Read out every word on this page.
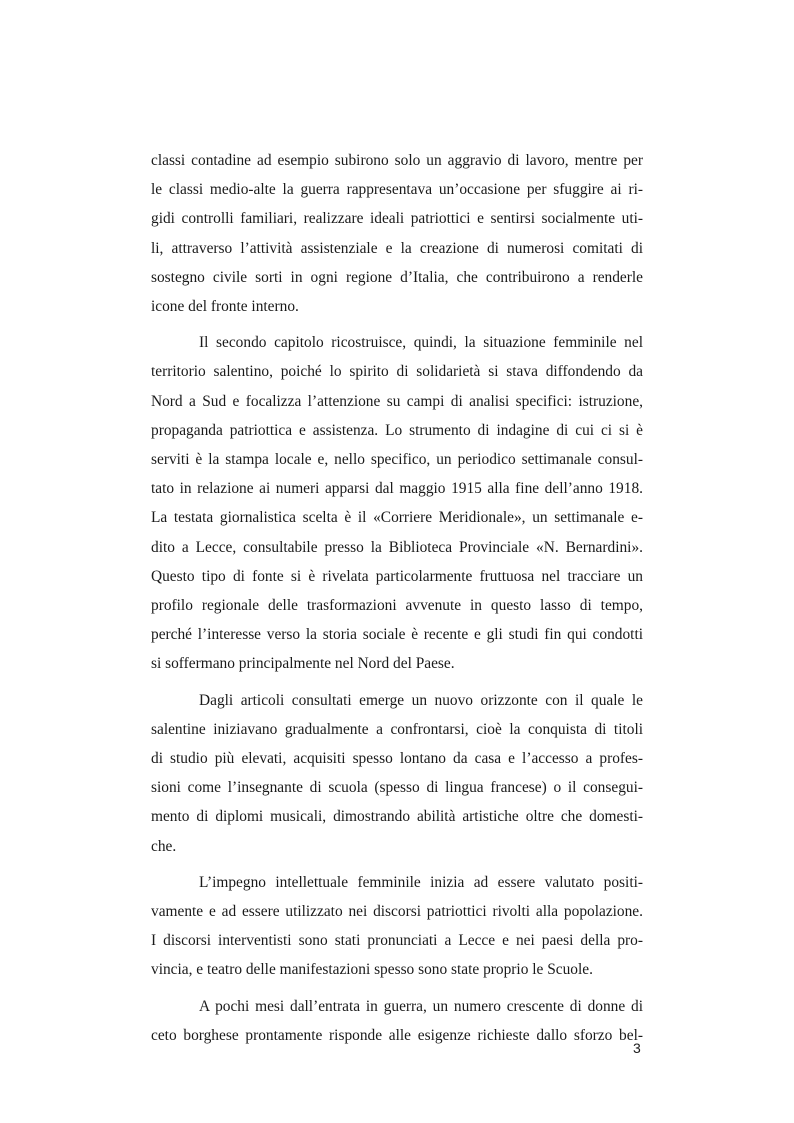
classi contadine ad esempio subirono solo un aggravio di lavoro, mentre per
le classi medio-alte la guerra rappresentava un’occasione per sfuggire ai ri-
gidi controlli familiari, realizzare ideali patriottici e sentirsi socialmente uti-
li, attraverso l’attività assistenziale e la creazione di numerosi comitati di
sostegno civile sorti in ogni regione d’Italia, che contribuirono a renderle
icone del fronte interno.
Il secondo capitolo ricostruisce, quindi, la situazione femminile nel
territorio salentino, poiché lo spirito di solidarietà si stava diffondendo da
Nord a Sud e focalizza l’attenzione su campi di analisi specifici: istruzione,
propaganda patriottica e assistenza. Lo strumento di indagine di cui ci si è
serviti è la stampa locale e, nello specifico, un periodico settimanale consul-
tato in relazione ai numeri apparsi dal maggio 1915 alla fine dell’anno 1918.
La testata giornalistica scelta è il «Corriere Meridionale», un settimanale e-
dito a Lecce, consultabile presso la Biblioteca Provinciale «N. Bernardini».
Questo tipo di fonte si è rivelata particolarmente fruttuosa nel tracciare un
profilo regionale delle trasformazioni avvenute in questo lasso di tempo,
perché l’interesse verso la storia sociale è recente e gli studi fin qui condotti
si soffermano principalmente nel Nord del Paese.
Dagli articoli consultati emerge un nuovo orizzonte con il quale le
salentine iniziavano gradualmente a confrontarsi, cioè la conquista di titoli
di studio più elevati, acquisiti spesso lontano da casa e l’accesso a profes-
sioni come l’insegnante di scuola (spesso di lingua francese) o il consegui-
mento di diplomi musicali, dimostrando abilità artistiche oltre che domesti-
che.
L’impegno intellettuale femminile inizia ad essere valutato positi-
vamente e ad essere utilizzato nei discorsi patriottici rivolti alla popolazione.
I discorsi interventisti sono stati pronunciati a Lecce e nei paesi della pro-
vincia, e teatro delle manifestazioni spesso sono state proprio le Scuole.
A pochi mesi dall’entrata in guerra, un numero crescente di donne di
ceto borghese prontamente risponde alle esigenze richieste dallo sforzo bel-
3
